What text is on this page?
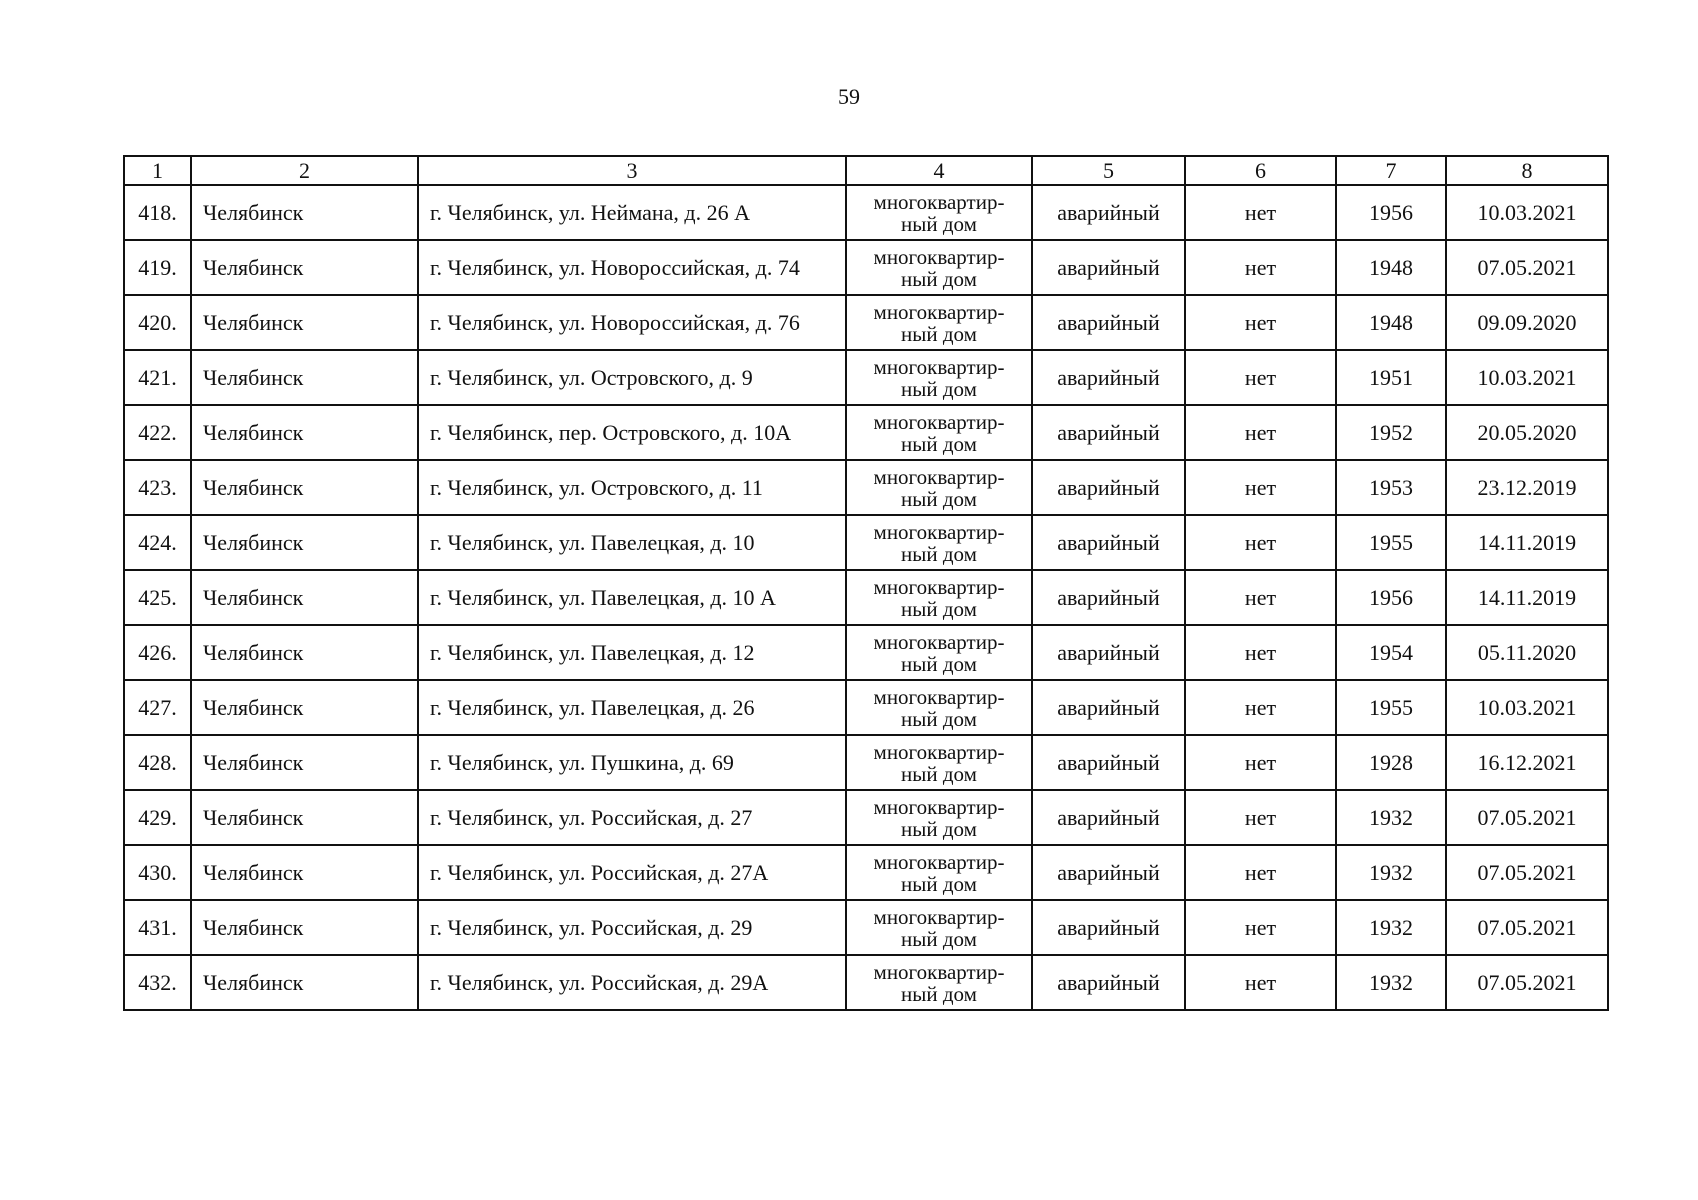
59
1	2	3	4	5	6	7	8
418.	Челябинск	г. Челябинск, ул. Неймана, д. 26 А	многоквартир-
ный дом	аварийный	нет	1956	10.03.2021
419.	Челябинск	г. Челябинск, ул. Новороссийская, д. 74	многоквартир-
ный дом	аварийный	нет	1948	07.05.2021
420.	Челябинск	г. Челябинск, ул. Новороссийская, д. 76	многоквартир-
ный дом	аварийный	нет	1948	09.09.2020
421.	Челябинск	г. Челябинск, ул. Островского, д. 9	многоквартир-
ный дом	аварийный	нет	1951	10.03.2021
422.	Челябинск	г. Челябинск, пер. Островского, д. 10А	многоквартир-
ный дом	аварийный	нет	1952	20.05.2020
423.	Челябинск	г. Челябинск, ул. Островского, д. 11	многоквартир-
ный дом	аварийный	нет	1953	23.12.2019
424.	Челябинск	г. Челябинск, ул. Павелецкая, д. 10	многоквартир-
ный дом	аварийный	нет	1955	14.11.2019
425.	Челябинск	г. Челябинск, ул. Павелецкая, д. 10 А	многоквартир-
ный дом	аварийный	нет	1956	14.11.2019
426.	Челябинск	г. Челябинск, ул. Павелецкая, д. 12	многоквартир-
ный дом	аварийный	нет	1954	05.11.2020
427.	Челябинск	г. Челябинск, ул. Павелецкая, д. 26	многоквартир-
ный дом	аварийный	нет	1955	10.03.2021
428.	Челябинск	г. Челябинск, ул. Пушкина, д. 69	многоквартир-
ный дом	аварийный	нет	1928	16.12.2021
429.	Челябинск	г. Челябинск, ул. Российская, д. 27	многоквартир-
ный дом	аварийный	нет	1932	07.05.2021
430.	Челябинск	г. Челябинск, ул. Российская, д. 27А	многоквартир-
ный дом	аварийный	нет	1932	07.05.2021
431.	Челябинск	г. Челябинск, ул. Российская, д. 29	многоквартир-
ный дом	аварийный	нет	1932	07.05.2021
432.	Челябинск	г. Челябинск, ул. Российская, д. 29А	многоквартир-
ный дом	аварийный	нет	1932	07.05.2021
